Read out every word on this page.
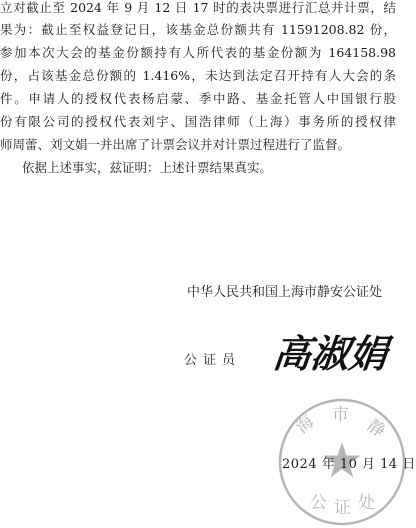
立对截止至 2024 年 9 月 12 日 17 时的表决票进行汇总并计票，结
果为：截止至权益登记日，该基金总份额共有 11591208.82 份，
参加本次大会的基金份额持有人所代表的基金份额为 164158.98
份，占该基金总份额的 1.416%，未达到法定召开持有人大会的条
件。申请人的授权代表杨启蒙、季中路、基金托管人中国银行股
份有限公司的授权代表刘宇、国浩律师（上海）事务所的授权律
师周蕾、刘文娟一并出席了计票会议并对计票过程进行了监督。
依据上述事实，兹证明：上述计票结果真实。
中华人民共和国上海市静安公证处
公证员 高淑娟
海 市
静
公 证 处
2024 年 10 月 14 日
